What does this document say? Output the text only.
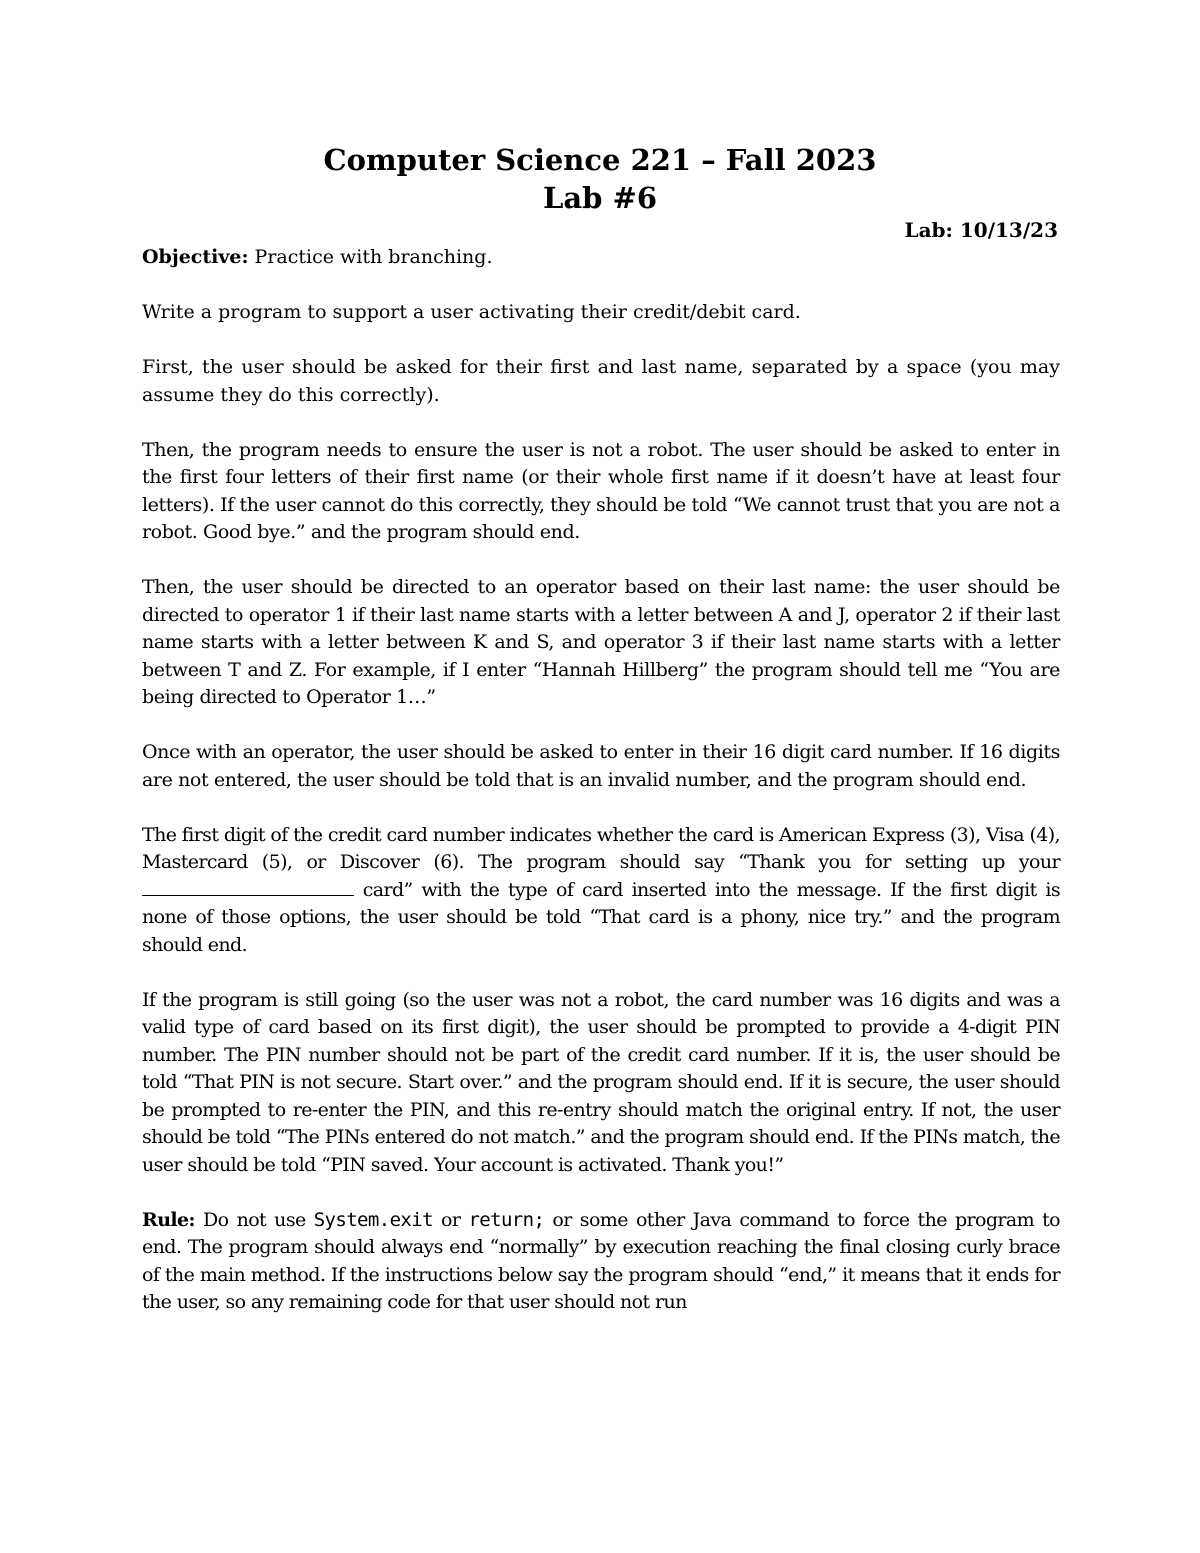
Computer Science 221 – Fall 2023
Lab #6
Lab: 10/13/23

Objective: Practice with branching.

Write a program to support a user activating their credit/debit card.

First, the user should be asked for their first and last name, separated by a space (you may assume they do this correctly).

Then, the program needs to ensure the user is not a robot. The user should be asked to enter in the first four letters of their first name (or their whole first name if it doesn’t have at least four letters). If the user cannot do this correctly, they should be told “We cannot trust that you are not a robot. Good bye.” and the program should end.

Then, the user should be directed to an operator based on their last name: the user should be directed to operator 1 if their last name starts with a letter between A and J, operator 2 if their last name starts with a letter between K and S, and operator 3 if their last name starts with a letter between T and Z. For example, if I enter “Hannah Hillberg” the program should tell me “You are being directed to Operator 1…”

Once with an operator, the user should be asked to enter in their 16 digit card number. If 16 digits are not entered, the user should be told that is an invalid number, and the program should end.

The first digit of the credit card number indicates whether the card is American Express (3), Visa (4), Mastercard (5), or Discover (6). The program should say “Thank you for setting up your  card” with the type of card inserted into the message. If the first digit is none of those options, the user should be told “That card is a phony, nice try.” and the program should end.

If the program is still going (so the user was not a robot, the card number was 16 digits and was a valid type of card based on its first digit), the user should be prompted to provide a 4-digit PIN number. The PIN number should not be part of the credit card number. If it is, the user should be told “That PIN is not secure. Start over.” and the program should end. If it is secure, the user should be prompted to re-enter the PIN, and this re-entry should match the original entry. If not, the user should be told “The PINs entered do not match.” and the program should end. If the PINs match, the user should be told “PIN saved. Your account is activated. Thank you!”

Rule: Do not use System.exit or return; or some other Java command to force the program to end. The program should always end “normally” by execution reaching the final closing curly brace of the main method. If the instructions below say the program should “end,” it means that it ends for the user, so any remaining code for that user should not run
